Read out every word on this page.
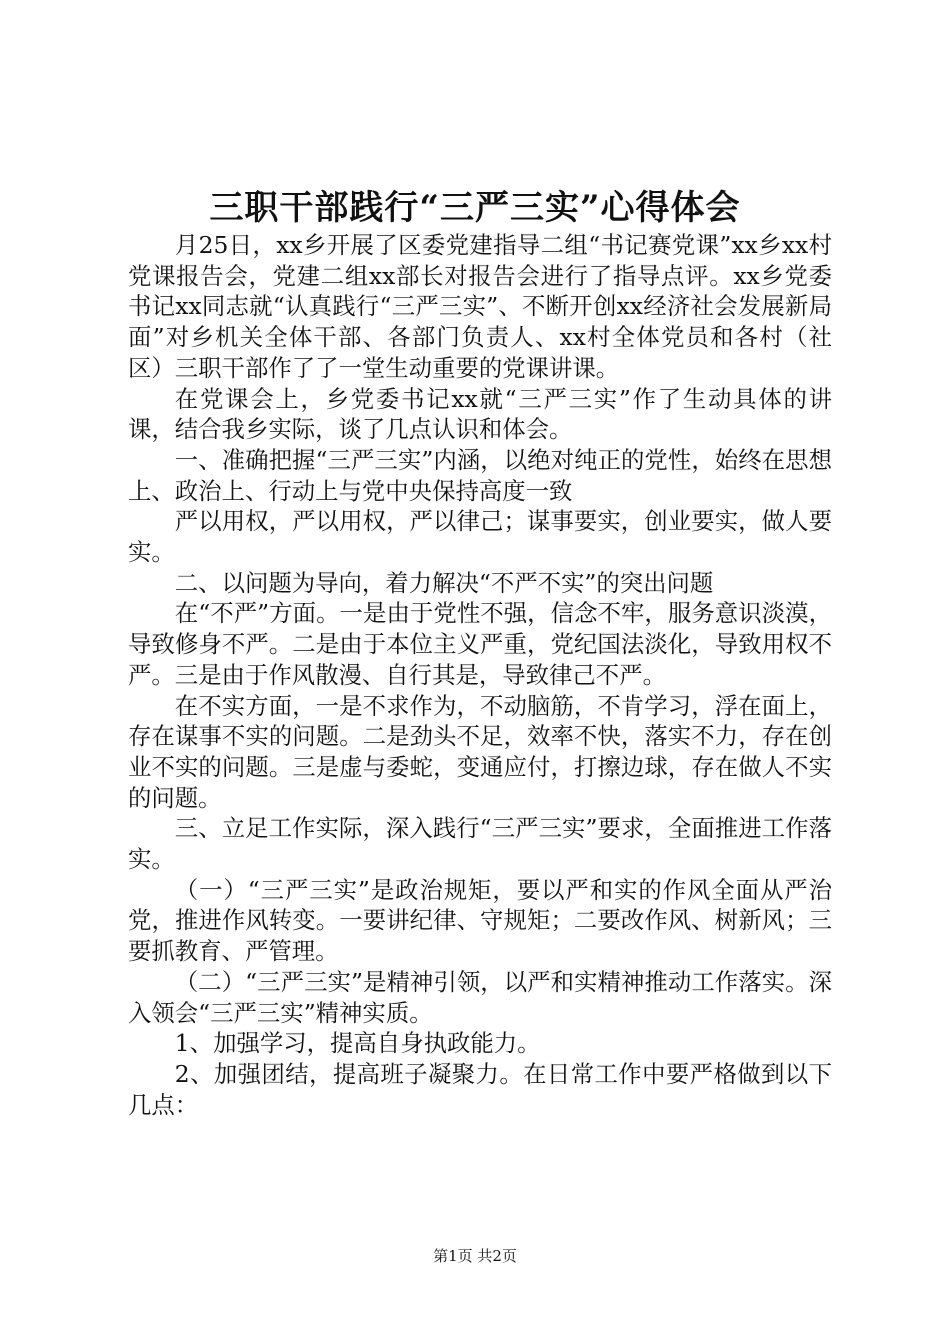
三职干部践行“三严三实”心得体会

月25日，xx乡开展了区委党建指导二组“书记赛党课”xx乡xx村党课报告会，党建二组xx部长对报告会进行了指导点评。xx乡党委书记xx同志就“认真践行“三严三实”、不断开创xx经济社会发展新局面”对乡机关全体干部、各部门负责人、xx村全体党员和各村（社区）三职干部作了了一堂生动重要的党课讲课。

在党课会上，乡党委书记xx就“三严三实”作了生动具体的讲课，结合我乡实际，谈了几点认识和体会。

一、准确把握“三严三实”内涵，以绝对纯正的党性，始终在思想上、政治上、行动上与党中央保持高度一致

严以用权，严以用权，严以律己；谋事要实，创业要实，做人要实。

二、以问题为导向，着力解决“不严不实”的突出问题

在“不严”方面。一是由于党性不强，信念不牢，服务意识淡漠，导致修身不严。二是由于本位主义严重，党纪国法淡化，导致用权不严。三是由于作风散漫、自行其是，导致律己不严。

在不实方面，一是不求作为，不动脑筋，不肯学习，浮在面上，存在谋事不实的问题。二是劲头不足，效率不快，落实不力，存在创业不实的问题。三是虚与委蛇，变通应付，打擦边球，存在做人不实的问题。

三、立足工作实际，深入践行“三严三实”要求，全面推进工作落实。

（一）“三严三实”是政治规矩，要以严和实的作风全面从严治党，推进作风转变。一要讲纪律、守规矩；二要改作风、树新风；三要抓教育、严管理。

（二）“三严三实”是精神引领，以严和实精神推动工作落实。深入领会“三严三实”精神实质。

1、加强学习，提高自身执政能力。

2、加强团结，提高班子凝聚力。在日常工作中要严格做到以下几点：

第1页 共2页
